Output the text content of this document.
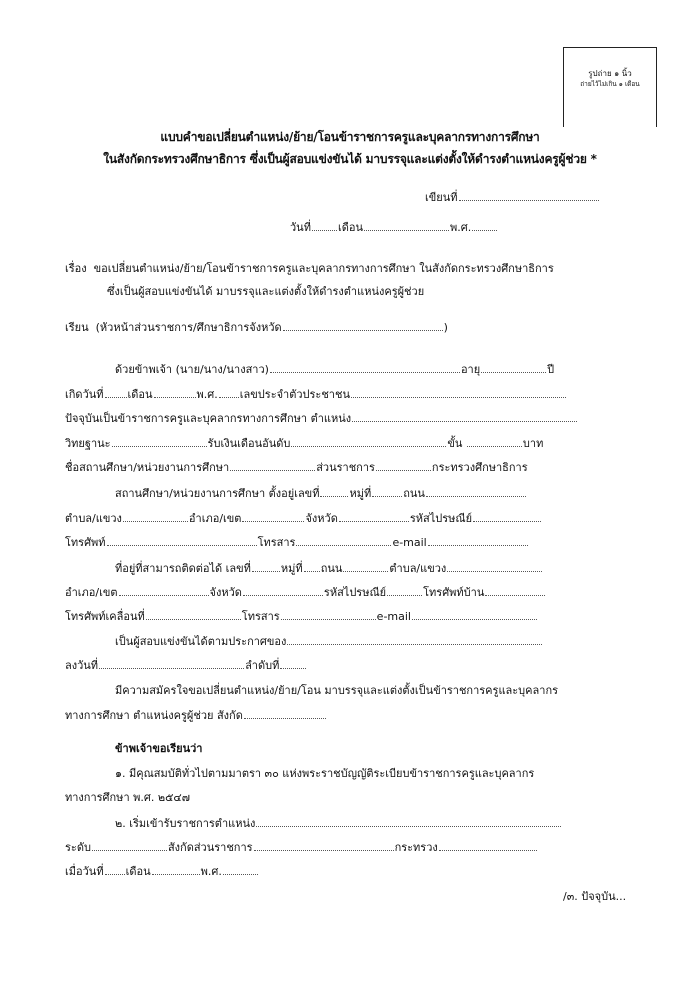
รูปถ่าย ๑ นิ้ว
ถ่ายไว้ไม่เกิน ๑ เดือน
แบบคำขอเปลี่ยนตำแหน่ง/ย้าย/โอนข้าราชการครูและบุคลากรทางการศึกษา
ในสังกัดกระทรวงศึกษาธิการ ซึ่งเป็นผู้สอบแข่งขันได้ มาบรรจุและแต่งตั้งให้ดำรงตำแหน่งครูผู้ช่วย *
เขียนที่
วันที่ เดือน	พ.ศ.
เรื่อง ขอเปลี่ยนตำแหน่ง/ย้าย/โอนข้าราชการครูและบุคลากรทางการศึกษา ในสังกัดกระทรวงศึกษาธิการ
ซึ่งเป็นผู้สอบแข่งขันได้ มาบรรจุและแต่งตั้งให้ดำรงตำแหน่งครูผู้ช่วย
เรียน (หัวหน้าส่วนราชการ/ศึกษาธิการจังหวัด	)
ด้วยข้าพเจ้า (นาย/นาง/นางสาว)	อายุ	ปี
เกิดวันที่ เดือน	พ.ศ. เลขประจำตัวประชาชน
ปัจจุบันเป็นข้าราชการครูและบุคลากรทางการศึกษา ตำแหน่ง
วิทยฐานะ	รับเงินเดือนอันดับ	ขั้น	บาท
ชื่อสถานศึกษา/หน่วยงานการศึกษา	ส่วนราชการ	กระทรวงศึกษาธิการ
สถานศึกษา/หน่วยงานการศึกษา ตั้งอยู่เลขที่	หมู่ที่	ถนน
ตำบล/แขวง	อำเภอ/เขต	จังหวัด	รหัสไปรษณีย์
โทรศัพท์	โทรสาร	e-mail
ที่อยู่ที่สามารถติดต่อได้ เลขที่	หมู่ที่ ถนน	ตำบล/แขวง
อำเภอ/เขต	จังหวัด	รหัสไปรษณีย์	โทรศัพท์บ้าน
โทรศัพท์เคลื่อนที่	โทรสาร	e-mail
เป็นผู้สอบแข่งขันได้ตามประกาศของ
ลงวันที่	ลำดับที่
มีความสมัครใจขอเปลี่ยนตำแหน่ง/ย้าย/โอน มาบรรจุและแต่งตั้งเป็นข้าราชการครูและบุคลากร
ทางการศึกษา ตำแหน่งครูผู้ช่วย สังกัด
ข้าพเจ้าขอเรียนว่า
๑. มีคุณสมบัติทั่วไปตามมาตรา ๓๐ แห่งพระราชบัญญัติระเบียบข้าราชการครูและบุคลากร
ทางการศึกษา พ.ศ. ๒๕๔๗
๒. เริ่มเข้ารับราชการตำแหน่ง
ระดับ	สังกัดส่วนราชการ	กระทรวง
เมื่อวันที่ เดือน	พ.ศ.
/๓. ปัจจุบัน...
